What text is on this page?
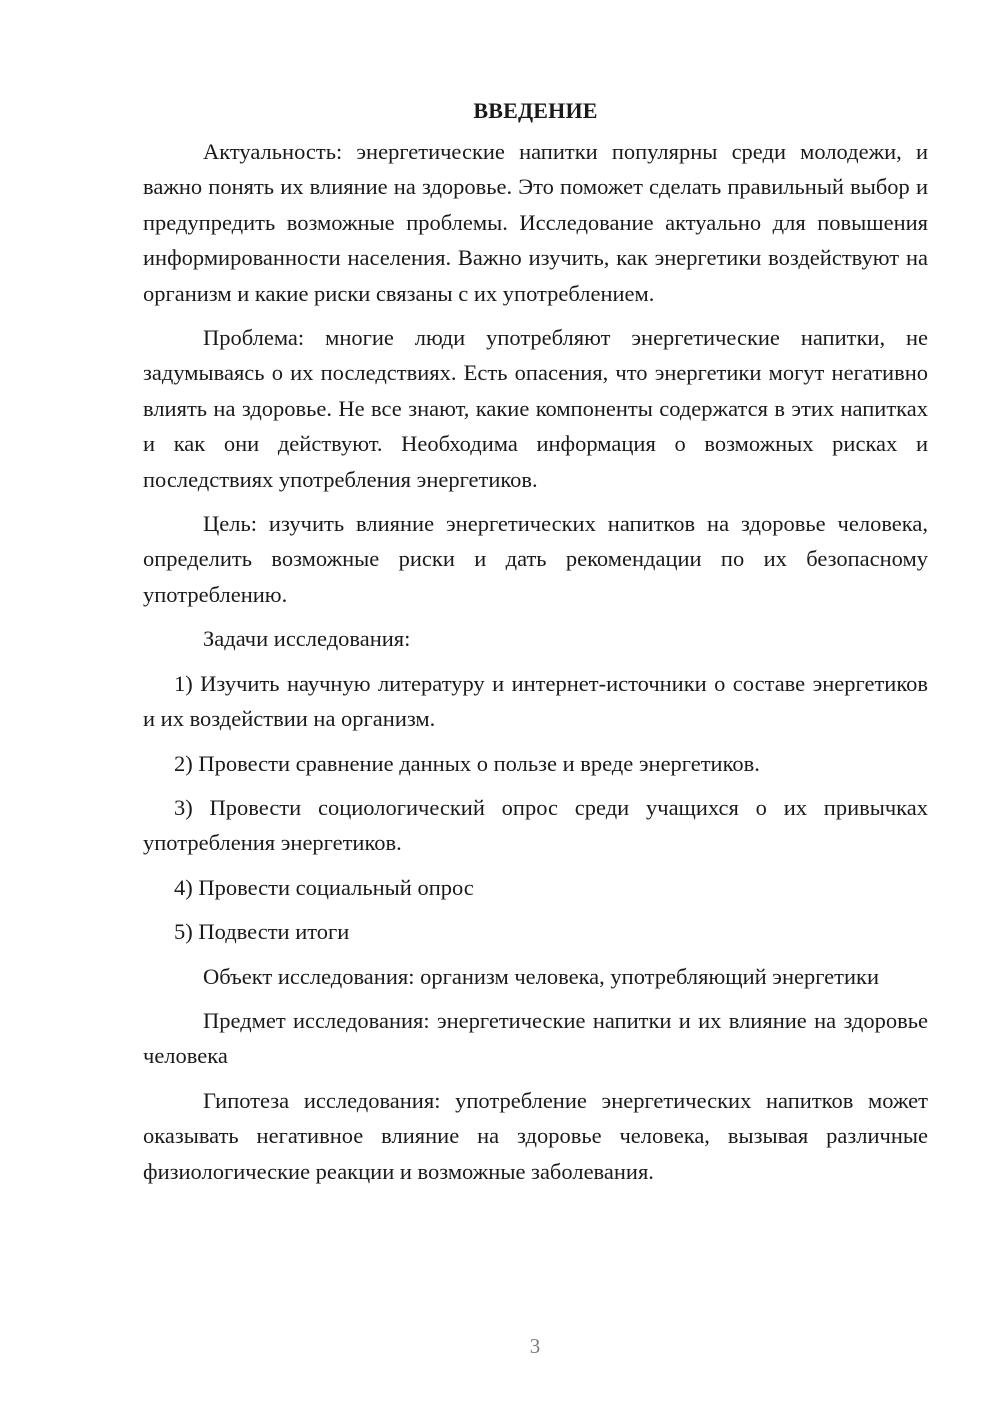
ВВЕДЕНИЕ

Актуальность: энергетические напитки популярны среди молодежи, и важно понять их влияние на здоровье. Это поможет сделать правильный выбор и предупредить возможные проблемы. Исследование актуально для повышения информированности населения. Важно изучить, как энергетики воздействуют на организм и какие риски связаны с их употреблением.

Проблема: многие люди употребляют энергетические напитки, не задумываясь о их последствиях. Есть опасения, что энергетики могут негативно влиять на здоровье. Не все знают, какие компоненты содержатся в этих напитках и как они действуют. Необходима информация о возможных рисках и последствиях употребления энергетиков.

Цель: изучить влияние энергетических напитков на здоровье человека, определить возможные риски и дать рекомендации по их безопасному употреблению.

Задачи исследования:

1) Изучить научную литературу и интернет-источники о составе энергетиков и их воздействии на организм.

2) Провести сравнение данных о пользе и вреде энергетиков.

3) Провести социологический опрос среди учащихся о их привычках употребления энергетиков.

4) Провести социальный опрос

5) Подвести итоги

Объект исследования: организм человека, употребляющий энергетики

Предмет исследования: энергетические напитки и их влияние на здоровье человека

Гипотеза исследования: употребление энергетических напитков может оказывать негативное влияние на здоровье человека, вызывая различные физиологические реакции и возможные заболевания.

3
